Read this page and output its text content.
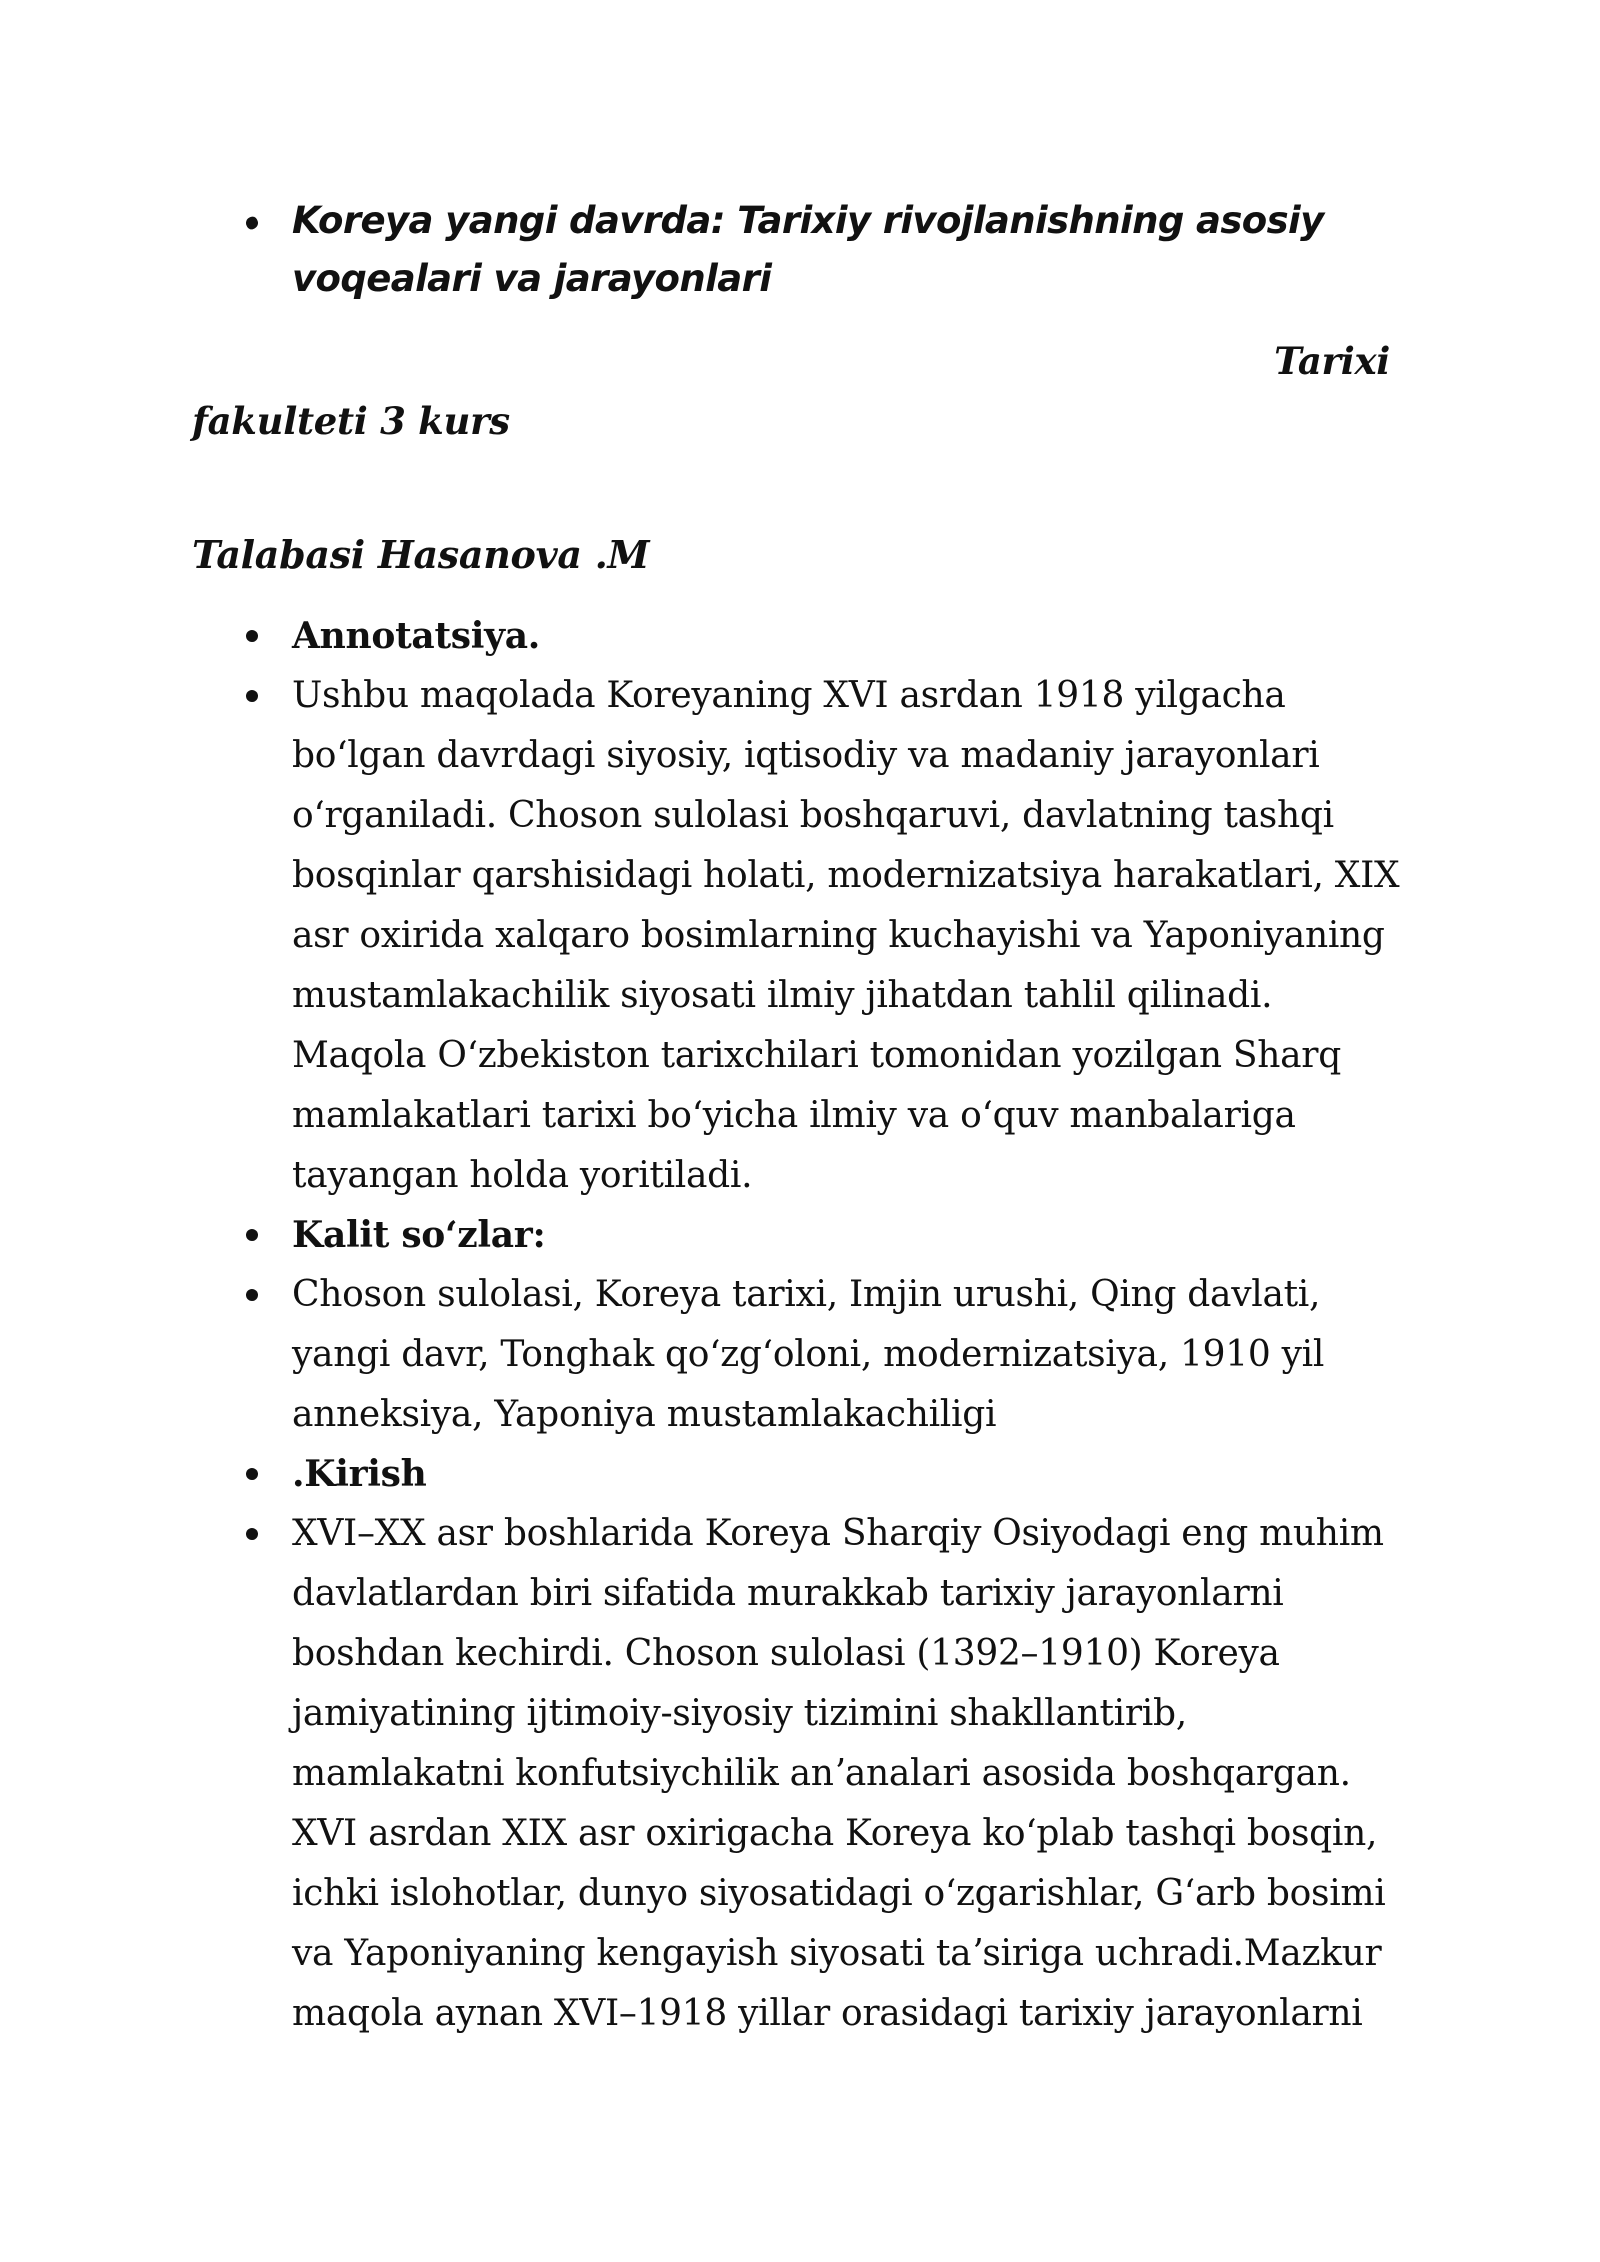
Koreya yangi davrda: Tarixiy rivojlanishning asosiy voqealari va jarayonlari
Tarixi
fakulteti 3 kurs
Talabasi Hasanova .M
Annotatsiya.
Ushbu maqolada Koreyaning XVI asrdan 1918 yilgacha boʻlgan davrdagi siyosiy, iqtisodiy va madaniy jarayonlari oʻrganiladi. Choson sulolasi boshqaruvi, davlatning tashqi bosqinlar qarshisidagi holati, modernizatsiya harakatlari, XIX asr oxirida xalqaro bosimlarning kuchayishi va Yaponiyaning mustamlakachilik siyosati ilmiy jihatdan tahlil qilinadi. Maqola Oʻzbekiston tarixchilari tomonidan yozilgan Sharq mamlakatlari tarixi boʻyicha ilmiy va oʻquv manbalariga tayangan holda yoritiladi.
Kalit soʻzlar:
Choson sulolasi, Koreya tarixi, Imjin urushi, Qing davlati, yangi davr, Tonghak qoʻzgʻoloni, modernizatsiya, 1910 yil anneksiya, Yaponiya mustamlakachiligi
.Kirish
XVI–XX asr boshlarida Koreya Sharqiy Osiyodagi eng muhim davlatlardan biri sifatida murakkab tarixiy jarayonlarni boshdan kechirdi. Choson sulolasi (1392–1910) Koreya jamiyatining ijtimoiy-siyosiy tizimini shakllantirib, mamlakatni konfutsiychilik anʼanalari asosida boshqargan. XVI asrdan XIX asr oxirigacha Koreya koʻplab tashqi bosqin, ichki islohotlar, dunyo siyosatidagi oʻzgarishlar, Gʻarb bosimi va Yaponiyaning kengayish siyosati taʼsiriga uchradi.Mazkur maqola aynan XVI–1918 yillar orasidagi tarixiy jarayonlarni
